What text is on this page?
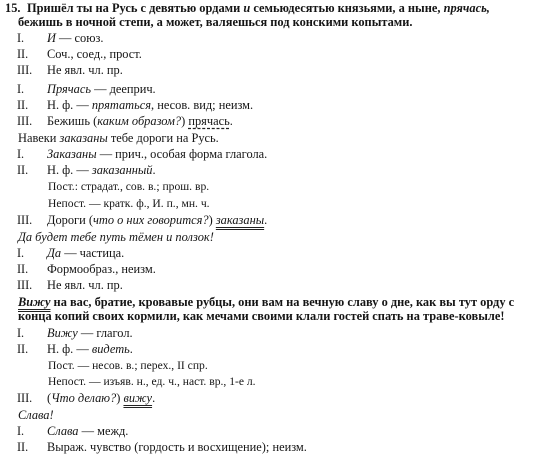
15. Пришёл ты на Русь с девятью ордами и семьюдесятью князьями, а ныне, прячась,
бежишь в ночной степи, а может, валяешься под конскими копытами.
I. И — союз.
II. Соч., соед., прост.
III. Не явл. чл. пр.
I. Прячась — дееприч.
II. Н. ф. — прятаться, несов. вид; неизм.
III. Бежишь (каким образом?) прячась.
Навеки заказаны тебе дороги на Русь.
I. Заказаны — прич., особая форма глагола.
II. Н. ф. — заказанный.
Пост.: страдат., сов. в.; прош. вр.
Непост. — кратк. ф., И. п., мн. ч.
III. Дороги (что о них говорится?) заказаны.
Да будет тебе путь тёмен и ползок!
I. Да — частица.
II. Формообраз., неизм.
III. Не явл. чл. пр.
Вижу на вас, братие, кровавые рубцы, они вам на вечную славу о дне, как вы тут орду с
конца копий своих кормили, как мечами своими клали гостей спать на траве-ковыле!
I. Вижу — глагол.
II. Н. ф. — видеть.
Пост. — несов. в.; перех., II спр.
Непост. — изъяв. н., ед. ч., наст. вр., 1-е л.
III. (Что делаю?) вижу.
Слава!
I. Слава — межд.
II. Выраж. чувство (гордость и восхищение); неизм.
